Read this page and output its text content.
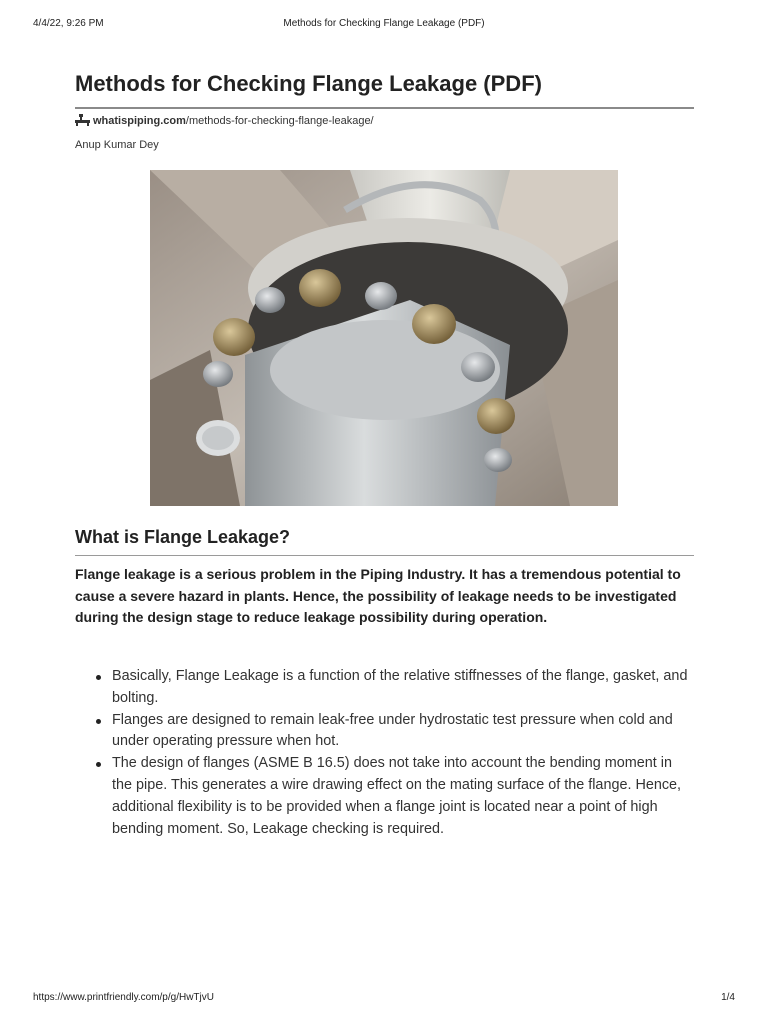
4/4/22, 9:26 PM	Methods for Checking Flange Leakage (PDF)
Methods for Checking Flange Leakage (PDF)
whatispiping.com/methods-for-checking-flange-leakage/
Anup Kumar Dey
What is Flange Leakage?

Flange leakage is a serious problem in the Piping Industry. It has a tremendous potential to cause a severe hazard in plants. Hence, the possibility of leakage needs to be investigated during the design stage to reduce leakage possibility during operation.

Basically, Flange Leakage is a function of the relative stiffnesses of the flange, gasket, and bolting.
Flanges are designed to remain leak-free under hydrostatic test pressure when cold and under operating pressure when hot.
The design of flanges (ASME B 16.5) does not take into account the bending moment in the pipe. This generates a wire drawing effect on the mating surface of the flange. Hence, additional flexibility is to be provided when a flange joint is located near a point of high bending moment. So, Leakage checking is required.
https://www.printfriendly.com/p/g/HwTjvU	1/4
